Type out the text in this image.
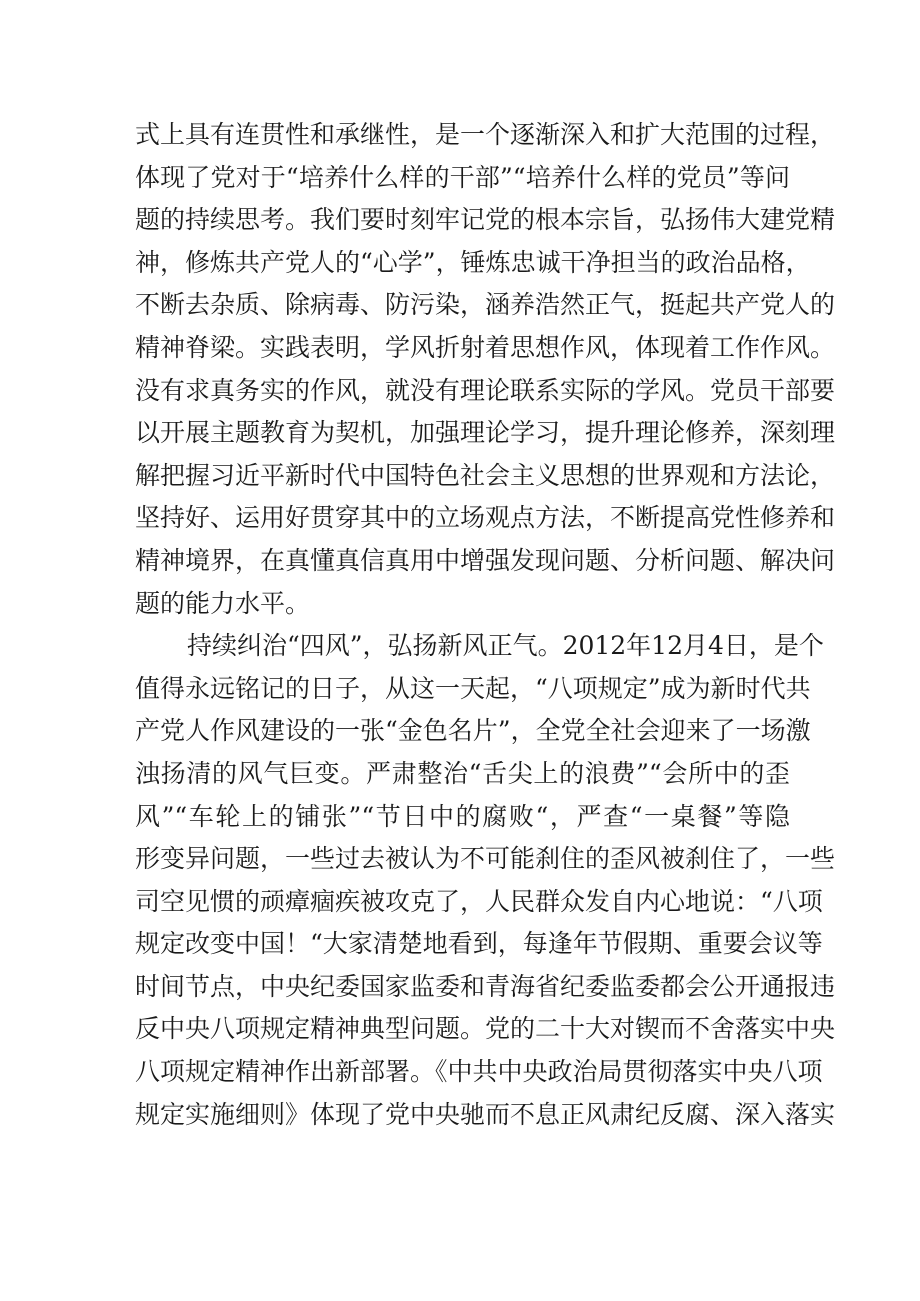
式上具有连贯性和承继性，是一个逐渐深入和扩大范围的过程，
体现了党对于“培养什么样的干部”“培养什么样的党员”等问
题的持续思考。我们要时刻牢记党的根本宗旨，弘扬伟大建党精
神，修炼共产党人的“心学”，锤炼忠诚干净担当的政治品格，
不断去杂质、除病毒、防污染，涵养浩然正气，挺起共产党人的
精神脊梁。实践表明，学风折射着思想作风，体现着工作作风。
没有求真务实的作风，就没有理论联系实际的学风。党员干部要
以开展主题教育为契机，加强理论学习，提升理论修养，深刻理
解把握习近平新时代中国特色社会主义思想的世界观和方法论，
坚持好、运用好贯穿其中的立场观点方法，不断提高党性修养和
精神境界，在真懂真信真用中增强发现问题、分析问题、解决问
题的能力水平。
持续纠治“四风”，弘扬新风正气。2012年12月4日，是个
值得永远铭记的日子，从这一天起，“八项规定”成为新时代共
产党人作风建设的一张“金色名片”，全党全社会迎来了一场激
浊扬清的风气巨变。严肃整治“舌尖上的浪费”“会所中的歪
风”“车轮上的铺张”“节日中的腐败“，严查“一桌餐”等隐
形变异问题，一些过去被认为不可能刹住的歪风被刹住了，一些
司空见惯的顽瘴痼疾被攻克了，人民群众发自内心地说：“八项
规定改变中国！“大家清楚地看到，每逢年节假期、重要会议等
时间节点，中央纪委国家监委和青海省纪委监委都会公开通报违
反中央八项规定精神典型问题。党的二十大对锲而不舍落实中央
八项规定精神作出新部署。《中共中央政治局贯彻落实中央八项
规定实施细则》体现了党中央驰而不息正风肃纪反腐、深入落实
